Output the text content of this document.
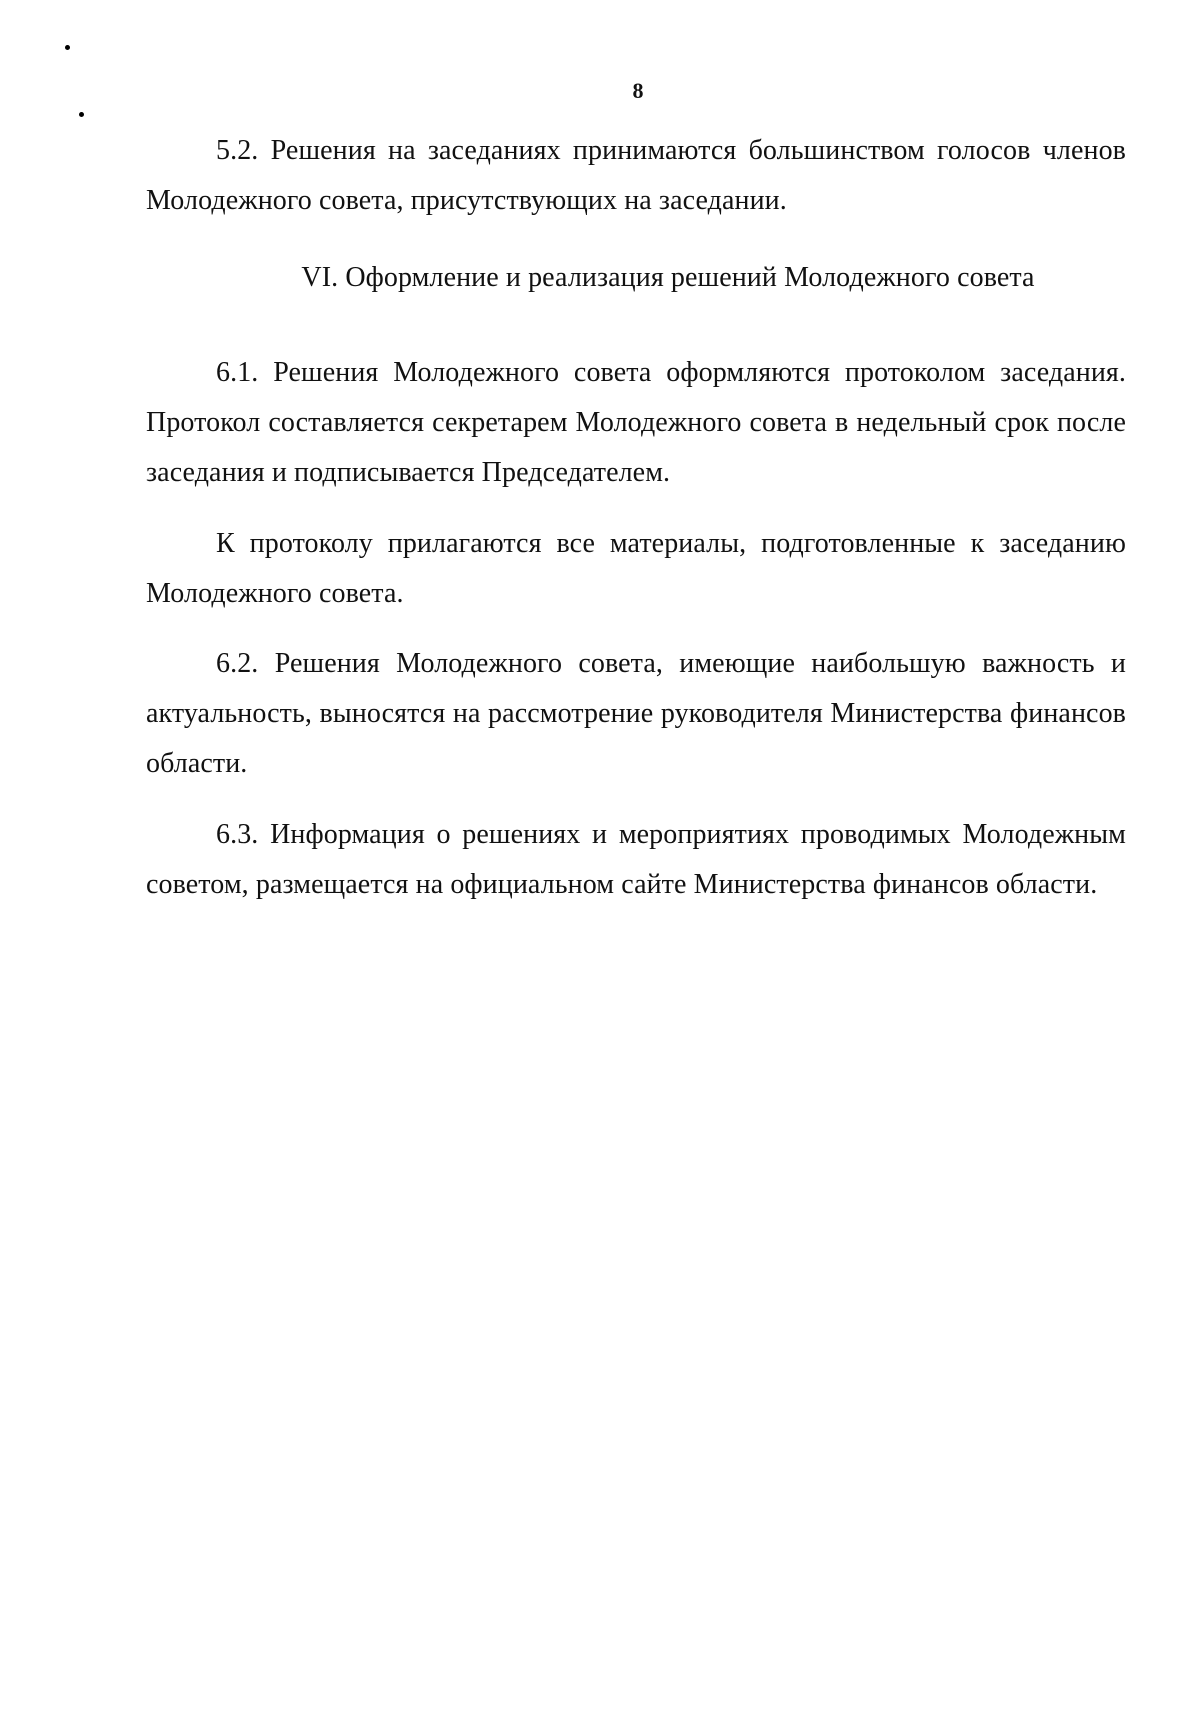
8

5.2. Решения на заседаниях принимаются большинством голосов членов Молодежного совета, присутствующих на заседании.

VI. Оформление и реализация решений Молодежного совета

6.1. Решения Молодежного совета оформляются протоколом заседания. Протокол составляется секретарем Молодежного совета в недельный срок после заседания и подписывается Председателем.

К протоколу прилагаются все материалы, подготовленные к заседанию Молодежного совета.

6.2. Решения Молодежного совета, имеющие наибольшую важность и актуальность, выносятся на рассмотрение руководителя Министерства финансов области.

6.3. Информация о решениях и мероприятиях проводимых Молодежным советом, размещается на официальном сайте Министерства финансов области.
